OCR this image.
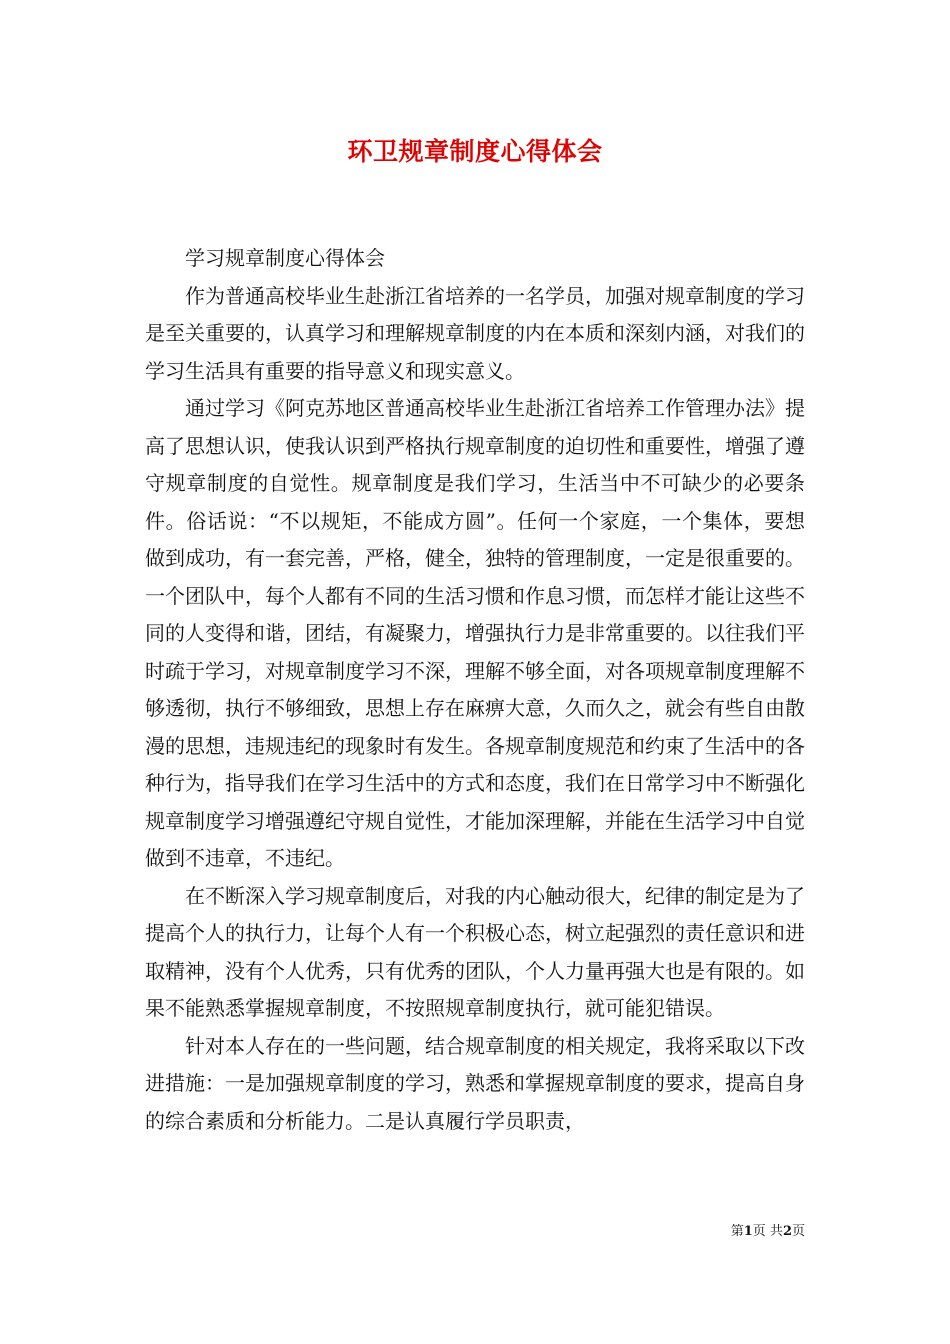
环卫规章制度心得体会

学习规章制度心得体会

作为普通高校毕业生赴浙江省培养的一名学员，加强对规章制度的学习是至关重要的，认真学习和理解规章制度的内在本质和深刻内涵，对我们的学习生活具有重要的指导意义和现实意义。

通过学习《阿克苏地区普通高校毕业生赴浙江省培养工作管理办法》提高了思想认识，使我认识到严格执行规章制度的迫切性和重要性，增强了遵守规章制度的自觉性。规章制度是我们学习，生活当中不可缺少的必要条件。俗话说：“不以规矩，不能成方圆”。任何一个家庭，一个集体，要想做到成功，有一套完善，严格，健全，独特的管理制度，一定是很重要的。一个团队中，每个人都有不同的生活习惯和作息习惯，而怎样才能让这些不同的人变得和谐，团结，有凝聚力，增强执行力是非常重要的。以往我们平时疏于学习，对规章制度学习不深，理解不够全面，对各项规章制度理解不够透彻，执行不够细致，思想上存在麻痹大意，久而久之，就会有些自由散漫的思想，违规违纪的现象时有发生。各规章制度规范和约束了生活中的各种行为，指导我们在学习生活中的方式和态度，我们在日常学习中不断强化规章制度学习增强遵纪守规自觉性，才能加深理解，并能在生活学习中自觉做到不违章，不违纪。

在不断深入学习规章制度后，对我的内心触动很大，纪律的制定是为了提高个人的执行力，让每个人有一个积极心态，树立起强烈的责任意识和进取精神，没有个人优秀，只有优秀的团队，个人力量再强大也是有限的。如果不能熟悉掌握规章制度，不按照规章制度执行，就可能犯错误。

针对本人存在的一些问题，结合规章制度的相关规定，我将采取以下改进措施：一是加强规章制度的学习，熟悉和掌握规章制度的要求，提高自身的综合素质和分析能力。二是认真履行学员职责，

第1页 共2页
